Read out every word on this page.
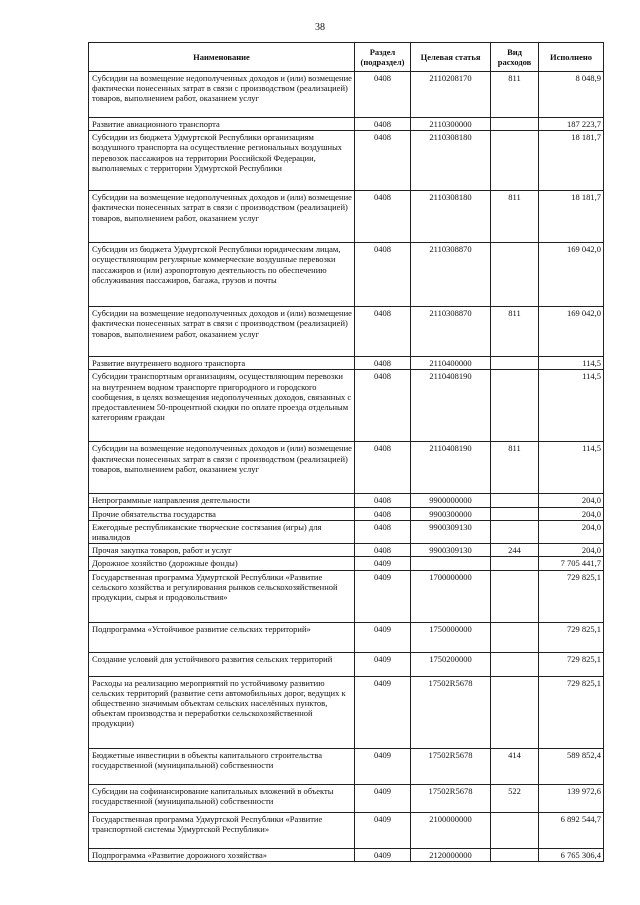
38
Наименование	Раздел (подраздел)	Целевая статья	Вид расходов	Исполнено
Субсидии на возмещение недополученных доходов и (или) возмещение фактически понесенных затрат в связи с производством (реализацией) товаров, выполнением работ, оказанием услуг	0408	2110208170	811	8 048,9
Развитие авиационного транспорта	0408	2110300000		187 223,7
Субсидии из бюджета Удмуртской Республики организациям воздушного транспорта на осуществление региональных воздушных перевозок пассажиров на территории Российской Федерации, выполняемых с территории Удмуртской Республики	0408	2110308180		18 181,7
Субсидии на возмещение недополученных доходов и (или) возмещение фактически понесенных затрат в связи с производством (реализацией) товаров, выполнением работ, оказанием услуг	0408	2110308180	811	18 181,7
Субсидии из бюджета Удмуртской Республики юридическим лицам, осуществляющим регулярные коммерческие воздушные перевозки пассажиров и (или) аэропортовую деятельность по обеспечению обслуживания пассажиров, багажа, грузов и почты	0408	2110308870		169 042,0
Субсидии на возмещение недополученных доходов и (или) возмещение фактически понесенных затрат в связи с производством (реализацией) товаров, выполнением работ, оказанием услуг	0408	2110308870	811	169 042,0
Развитие внутреннего водного транспорта	0408	2110400000		114,5
Субсидии транспортным организациям, осуществляющим перевозки на внутреннем водном транспорте пригородного и городского сообщения, в целях возмещения недополученных доходов, связанных с предоставлением 50-процентной скидки по оплате проезда отдельным категориям граждан	0408	2110408190		114,5
Субсидии на возмещение недополученных доходов и (или) возмещение фактически понесенных затрат в связи с производством (реализацией) товаров, выполнением работ, оказанием услуг	0408	2110408190	811	114,5
Непрограммные направления деятельности	0408	9900000000		204,0
Прочие обязательства государства	0408	9900300000		204,0
Ежегодные республиканские творческие состязания (игры) для инвалидов	0408	9900309130		204,0
Прочая закупка товаров, работ и услуг	0408	9900309130	244	204,0
Дорожное хозяйство (дорожные фонды)	0409			7 705 441,7
Государственная программа Удмуртской Республики «Развитие сельского хозяйства и регулирования рынков сельскохозяйственной продукции, сырья и продовольствия»	0409	1700000000		729 825,1
Подпрограмма «Устойчивое развитие сельских территорий»	0409	1750000000		729 825,1
Создание условий для устойчивого развития сельских территорий	0409	1750200000		729 825,1
Расходы на реализацию мероприятий по устойчивому развитию сельских территорий (развитие сети автомобильных дорог, ведущих к общественно значимым объектам сельских населённых пунктов, объектам производства и переработки сельскохозяйственной продукции)	0409	17502R5678		729 825,1
Бюджетные инвестиции в объекты капитального строительства государственной (муниципальной) собственности	0409	17502R5678	414	589 852,4
Субсидии на софинансирование капитальных вложений в объекты государственной (муниципальной) собственности	0409	17502R5678	522	139 972,6
Государственная программа Удмуртской Республики «Развитие транспортной системы Удмуртской Республики»	0409	2100000000		6 892 544,7
Подпрограмма «Развитие дорожного хозяйства»	0409	2120000000		6 765 306,4
